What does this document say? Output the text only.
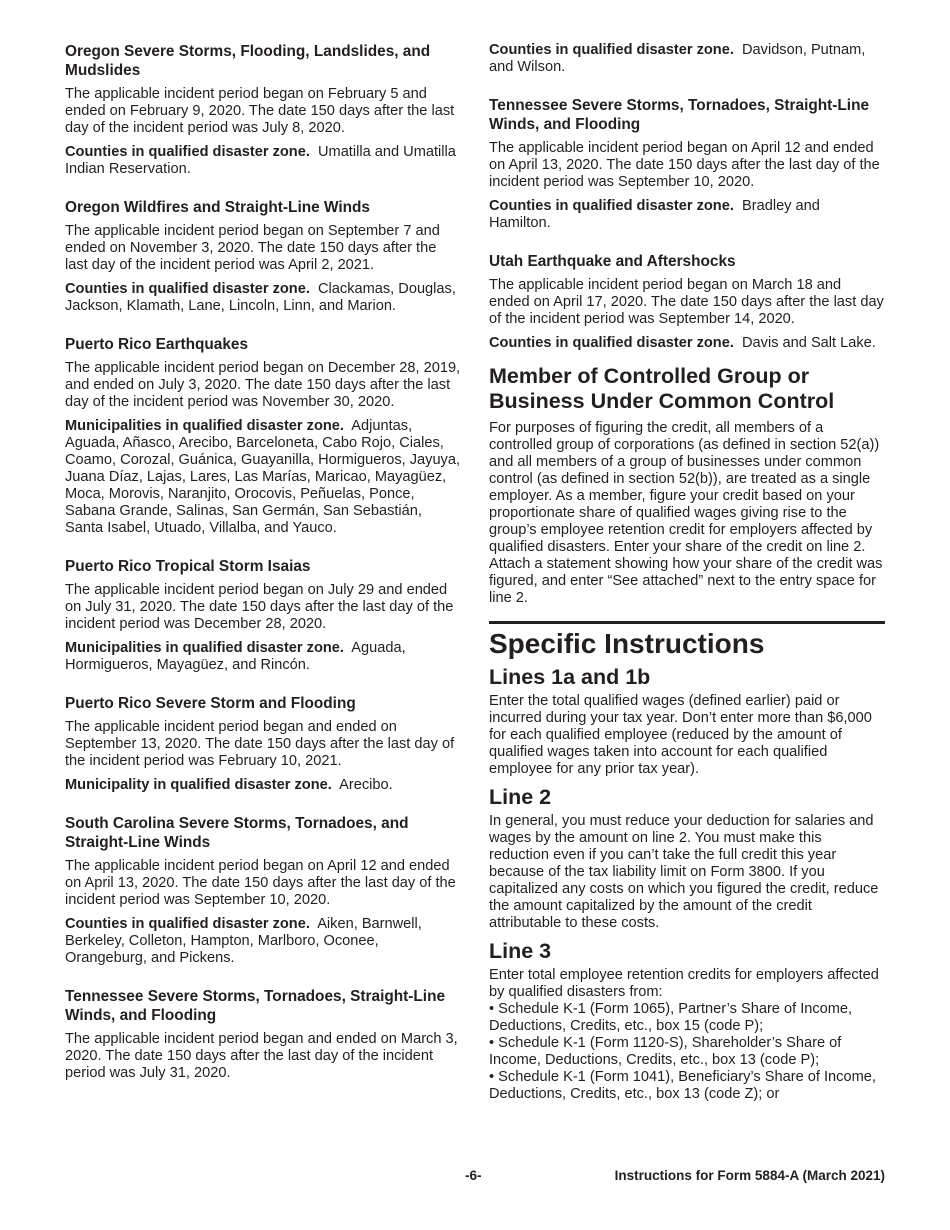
Oregon Severe Storms, Flooding, Landslides, and Mudslides

The applicable incident period began on February 5 and ended on February 9, 2020. The date 150 days after the last day of the incident period was July 8, 2020.

Counties in qualified disaster zone. Umatilla and Umatilla Indian Reservation.

Oregon Wildfires and Straight-Line Winds

The applicable incident period began on September 7 and ended on November 3, 2020. The date 150 days after the last day of the incident period was April 2, 2021.

Counties in qualified disaster zone. Clackamas, Douglas, Jackson, Klamath, Lane, Lincoln, Linn, and Marion.

Puerto Rico Earthquakes

The applicable incident period began on December 28, 2019, and ended on July 3, 2020. The date 150 days after the last day of the incident period was November 30, 2020.

Municipalities in qualified disaster zone. Adjuntas, Aguada, Añasco, Arecibo, Barceloneta, Cabo Rojo, Ciales, Coamo, Corozal, Guánica, Guayanilla, Hormigueros, Jayuya, Juana Díaz, Lajas, Lares, Las Marías, Maricao, Mayagüez, Moca, Morovis, Naranjito, Orocovis, Peñuelas, Ponce, Sabana Grande, Salinas, San Germán, San Sebastián, Santa Isabel, Utuado, Villalba, and Yauco.

Puerto Rico Tropical Storm Isaias

The applicable incident period began on July 29 and ended on July 31, 2020. The date 150 days after the last day of the incident period was December 28, 2020.

Municipalities in qualified disaster zone. Aguada, Hormigueros, Mayagüez, and Rincón.

Puerto Rico Severe Storm and Flooding

The applicable incident period began and ended on September 13, 2020. The date 150 days after the last day of the incident period was February 10, 2021.

Municipality in qualified disaster zone. Arecibo.

South Carolina Severe Storms, Tornadoes, and Straight-Line Winds

The applicable incident period began on April 12 and ended on April 13, 2020. The date 150 days after the last day of the incident period was September 10, 2020.

Counties in qualified disaster zone. Aiken, Barnwell, Berkeley, Colleton, Hampton, Marlboro, Oconee, Orangeburg, and Pickens.

Tennessee Severe Storms, Tornadoes, Straight-Line Winds, and Flooding

The applicable incident period began and ended on March 3, 2020. The date 150 days after the last day of the incident period was July 31, 2020.

Counties in qualified disaster zone. Davidson, Putnam, and Wilson.

Tennessee Severe Storms, Tornadoes, Straight-Line Winds, and Flooding

The applicable incident period began on April 12 and ended on April 13, 2020. The date 150 days after the last day of the incident period was September 10, 2020.

Counties in qualified disaster zone. Bradley and Hamilton.

Utah Earthquake and Aftershocks

The applicable incident period began on March 18 and ended on April 17, 2020. The date 150 days after the last day of the incident period was September 14, 2020.

Counties in qualified disaster zone. Davis and Salt Lake.

Member of Controlled Group or Business Under Common Control

For purposes of figuring the credit, all members of a controlled group of corporations (as defined in section 52(a)) and all members of a group of businesses under common control (as defined in section 52(b)), are treated as a single employer. As a member, figure your credit based on your proportionate share of qualified wages giving rise to the group’s employee retention credit for employers affected by qualified disasters. Enter your share of the credit on line 2. Attach a statement showing how your share of the credit was figured, and enter “See attached” next to the entry space for line 2.

Specific Instructions
Lines 1a and 1b

Enter the total qualified wages (defined earlier) paid or incurred during your tax year. Don’t enter more than $6,000 for each qualified employee (reduced by the amount of qualified wages taken into account for each qualified employee for any prior tax year).

Line 2

In general, you must reduce your deduction for salaries and wages by the amount on line 2. You must make this reduction even if you can’t take the full credit this year because of the tax liability limit on Form 3800. If you capitalized any costs on which you figured the credit, reduce the amount capitalized by the amount of the credit attributable to these costs.

Line 3

Enter total employee retention credits for employers affected by qualified disasters from:

• Schedule K-1 (Form 1065), Partner’s Share of Income, Deductions, Credits, etc., box 15 (code P);

• Schedule K-1 (Form 1120-S), Shareholder’s Share of Income, Deductions, Credits, etc., box 13 (code P);

• Schedule K-1 (Form 1041), Beneficiary’s Share of Income, Deductions, Credits, etc., box 13 (code Z); or

-6-	Instructions for Form 5884-A (March 2021)
